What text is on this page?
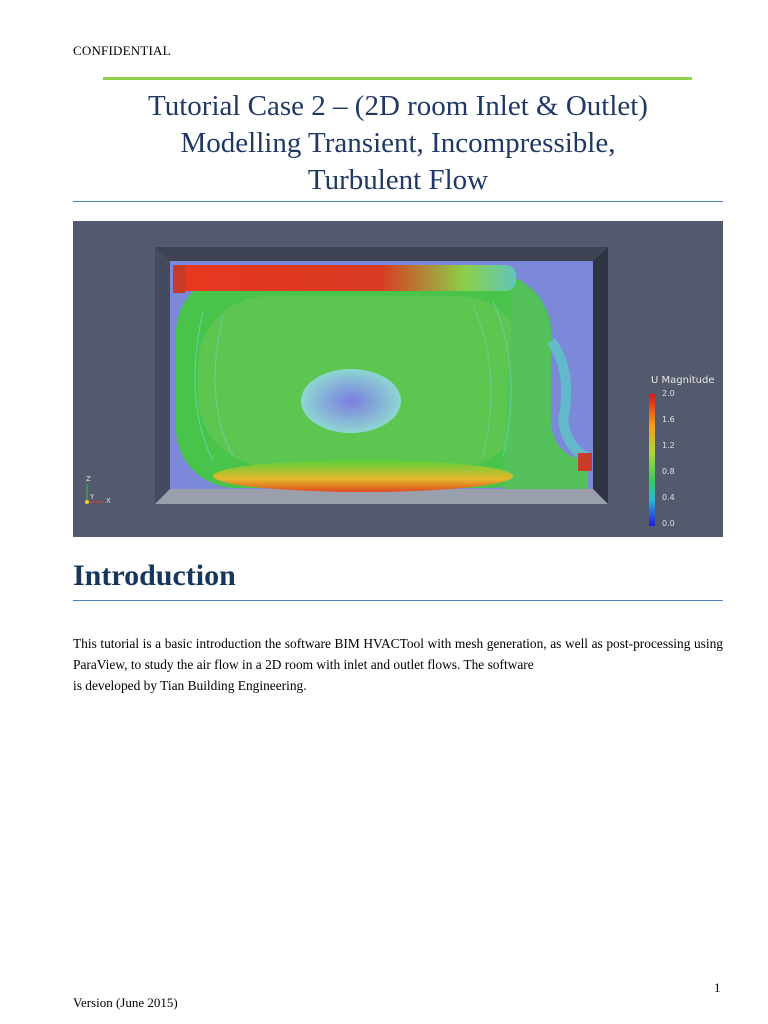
CONFIDENTIAL
Tutorial Case 2 – (2D room Inlet & Outlet)
Modelling Transient, Incompressible,
Turbulent Flow
U Magnitude
2.0
1.6
1.2
0.8
0.4
0.0
Z
Y X
Introduction
This tutorial is a basic introduction the software BIM HVACTool with mesh generation, as well as post-processing using ParaView, to study the air flow in a 2D room with inlet and outlet flows. The software
is developed by Tian Building Engineering.
1
Version (June 2015)
